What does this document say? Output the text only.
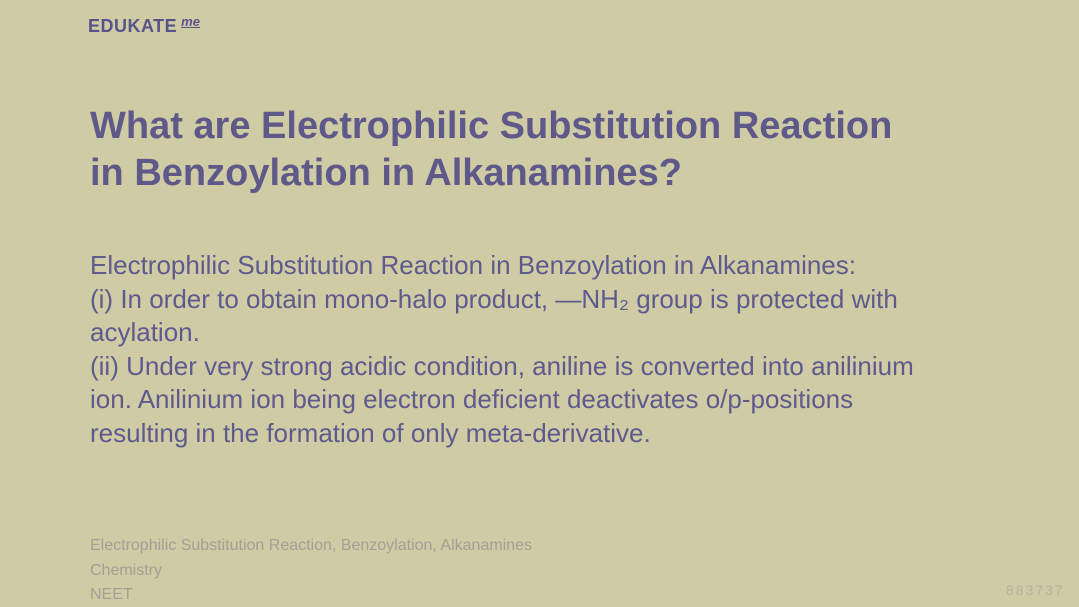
EDUKATE $^{me}$
What are Electrophilic Substitution Reaction
in Benzoylation in Alkanamines?
Electrophilic Substitution Reaction in Benzoylation in Alkanamines:
(i) In order to obtain mono-halo product, —NH₂ group is protected with
acylation.
(ii) Under very strong acidic condition, aniline is converted into anilinium
ion. Anilinium ion being electron deficient deactivates o/p-positions
resulting in the formation of only meta-derivative.
Electrophilic Substitution Reaction, Benzoylation, Alkanamines
Chemistry
NEET	883737
